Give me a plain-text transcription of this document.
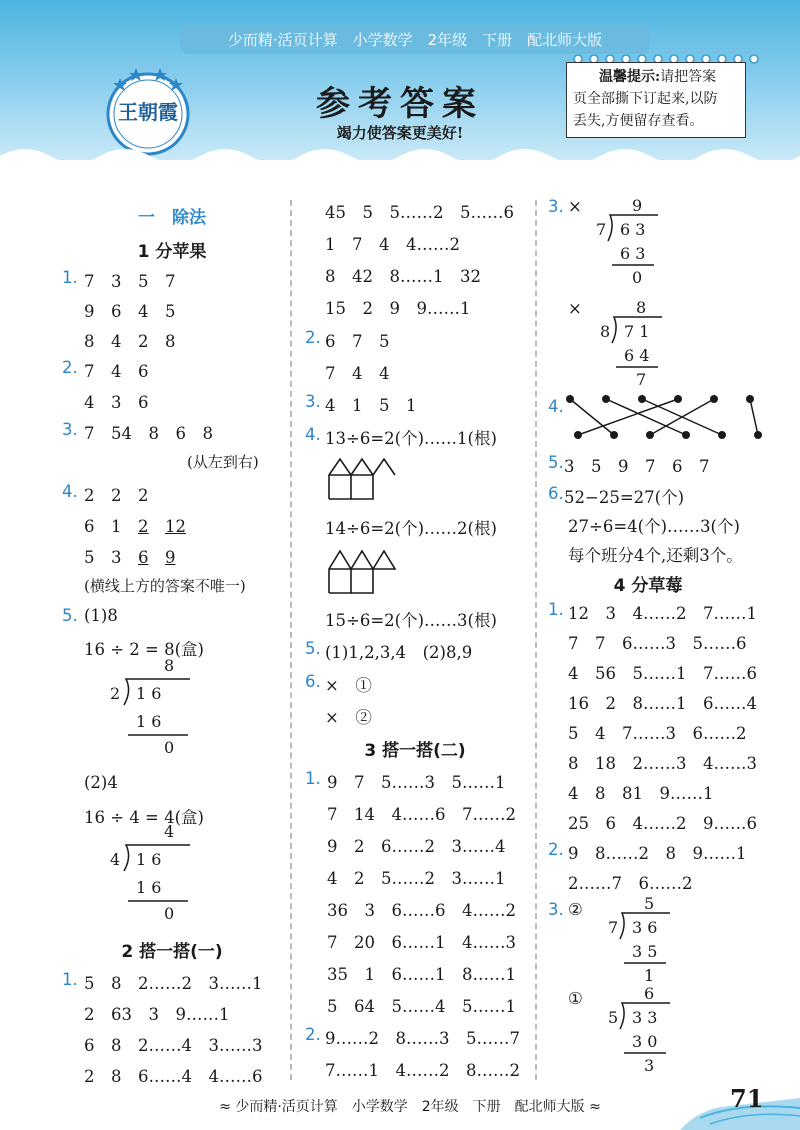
少而精·活页计算　小学数学　2年级　下册　配北师大版
王朝霞	参考答案
竭力使答案更美好!
温馨提示:请把答案
页全部撕下订起来,以防
丢失,方便留存查看。
一　除法
1 分苹果
1. 7　3　5　7
9　6　4　5
8　4　2　8
2. 7　4　6
4　3　6
3. 7　54　8　6　8
(从左到右)
4. 2　2　2
6　1　2　 12
5　3　6　 9
(横线上方的答案不唯一)
5. (1)8
16 ÷ 2 = 8(盒)
8
2 1 6
1 6
0
(2)4
16 ÷ 4 = 4(盒)
4
4 1 6
1 6
0
2 搭一搭(一)
1. 5　8　2……2　3……1
2　63　3　9……1
6　8　2……4　3……3
2　8　6……4　4……6
45　5　5……2　5……6
1　7　4　4……2
8　42　8……1　32
15　2　9　9……1
2. 6　7　5
7　4　4
3. 4　1　5　1
4. 13÷6=2(个)……1(根)
14÷6=2(个)……2(根)
15÷6=2(个)……3(根)
5. (1)1,2,3,4　(2)8,9
6. ×　①
×　②
3 搭一搭(二)
1. 9　7　5……3　5……1
7　14　4……6　7……2
9　2　6……2　3……4
4　2　5……2　3……1
36　3　6……6　4……2
7　20　6……1　4……3
35　1　6……1　8……1
5　64　5……4　5……1
2. 9……2　8……3　5……7
7……1　4……2　8……2
3. ×	9
7 6 3
6 3
0
×	8
8 7 1
6 4
7
4.
5. 3　5　9　7　6　7
6. 52−25=27(个)
27÷6=4(个)……3(个)
每个班分4个,还剩3个。
4 分草莓
1. 12　3　4……2　7……1
7　7　6……3　5……6
4　56　5……1　7……6
16　2　8……1　6……4
5　4　7……3　6……2
8　18　2……3　4……3
4　8　81　9……1
25　6　4……2　9……6
2. 9　8……2　8　9……1
2……7　6……2
3. ②	5
7 3 6
3 5
1
①	6
5 3 3
3 0
3
≈ 少而精·活页计算　小学数学　2年级　下册　配北师大版 ≈	71
